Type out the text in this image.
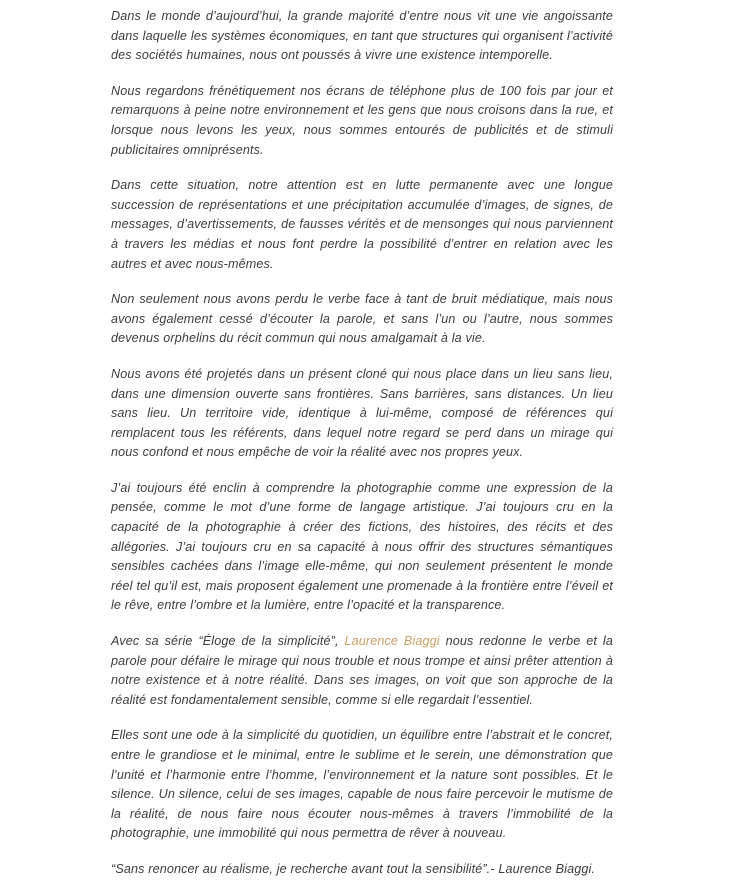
Dans le monde d’aujourd’hui, la grande majorité d’entre nous vit une vie angoissante dans laquelle les systèmes économiques, en tant que structures qui organisent l’activité des sociétés humaines, nous ont poussés à vivre une existence intemporelle.

Nous regardons frénétiquement nos écrans de téléphone plus de 100 fois par jour et remarquons à peine notre environnement et les gens que nous croisons dans la rue, et lorsque nous levons les yeux, nous sommes entourés de publicités et de stimuli publicitaires omniprésents.

Dans cette situation, notre attention est en lutte permanente avec une longue succession de représentations et une précipitation accumulée d’images, de signes, de messages, d’avertissements, de fausses vérités et de mensonges qui nous parviennent à travers les médias et nous font perdre la possibilité d’entrer en relation avec les autres et avec nous-mêmes.

Non seulement nous avons perdu le verbe face à tant de bruit médiatique, mais nous avons également cessé d’écouter la parole, et sans l’un ou l’autre, nous sommes devenus orphelins du récit commun qui nous amalgamait à la vie.

Nous avons été projetés dans un présent cloné qui nous place dans un lieu sans lieu, dans une dimension ouverte sans frontières. Sans barrières, sans distances. Un lieu sans lieu. Un territoire vide, identique à lui-même, composé de références qui remplacent tous les référents, dans lequel notre regard se perd dans un mirage qui nous confond et nous empêche de voir la réalité avec nos propres yeux.

J’ai toujours été enclin à comprendre la photographie comme une expression de la pensée, comme le mot d’une forme de langage artistique. J’ai toujours cru en la capacité de la photographie à créer des fictions, des histoires, des récits et des allégories. J’ai toujours cru en sa capacité à nous offrir des structures sémantiques sensibles cachées dans l’image elle-même, qui non seulement présentent le monde réel tel qu’il est, mais proposent également une promenade à la frontière entre l’éveil et le rêve, entre l’ombre et la lumière, entre l’opacité et la transparence.

Avec sa série “Éloge de la simplicité”, Laurence Biaggi nous redonne le verbe et la parole pour défaire le mirage qui nous trouble et nous trompe et ainsi prêter attention à notre existence et à notre réalité. Dans ses images, on voit que son approche de la réalité est fondamentalement sensible, comme si elle regardait l’essentiel.

Elles sont une ode à la simplicité du quotidien, un équilibre entre l’abstrait et le concret, entre le grandiose et le minimal, entre le sublime et le serein, une démonstration que l’unité et l’harmonie entre l’homme, l’environnement et la nature sont possibles. Et le silence. Un silence, celui de ses images, capable de nous faire percevoir le mutisme de la réalité, de nous faire nous écouter nous-mêmes à travers l’immobilité de la photographie, une immobilité qui nous permettra de rêver à nouveau.

“Sans renoncer au réalisme, je recherche avant tout la sensibilité”.- Laurence Biaggi.
